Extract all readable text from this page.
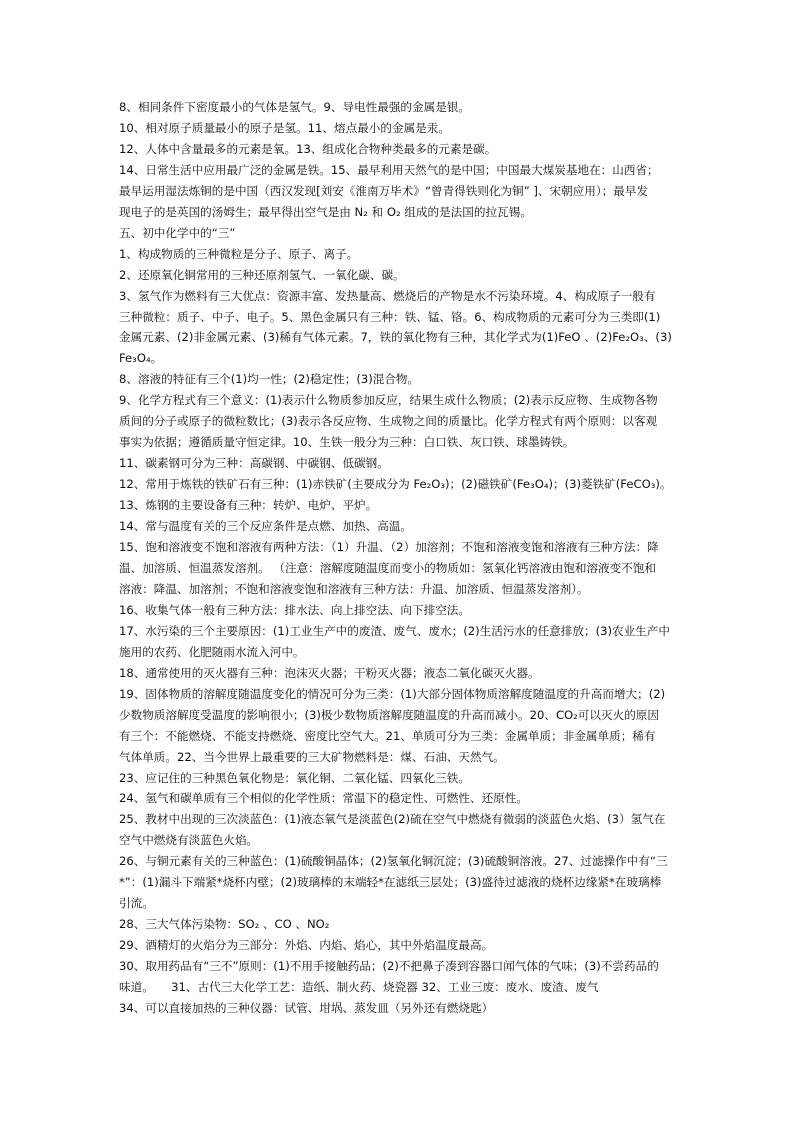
8、相同条件下密度最小的气体是氢气。9、导电性最强的金属是银。

10、相对原子质量最小的原子是氢。11、熔点最小的金属是汞。

12、人体中含量最多的元素是氧。13、组成化合物种类最多的元素是碳。

14、日常生活中应用最广泛的金属是铁。15、最早利用天然气的是中国；中国最大煤炭基地在：山西省；

最早运用湿法炼铜的是中国（西汉发现[刘安《淮南万毕术》“曾青得铁则化为铜” ]、宋朝应用）；最早发

现电子的是英国的汤姆生；最早得出空气是由 N₂ 和 O₂ 组成的是法国的拉瓦锡。

五、初中化学中的“三”

1、构成物质的三种微粒是分子、原子、离子。

2、还原氧化铜常用的三种还原剂氢气、一氧化碳、碳。

3、氢气作为燃料有三大优点：资源丰富、发热量高、燃烧后的产物是水不污染环境。4、构成原子一般有

三种微粒：质子、中子、电子。5、黑色金属只有三种：铁、锰、铬。6、构成物质的元素可分为三类即(1)

金属元素、(2)非金属元素、(3)稀有气体元素。7，铁的氧化物有三种，其化学式为(1)FeO 、(2)Fe₂O₃、(3)

Fe₃O₄。

8、溶液的特征有三个(1)均一性；(2)稳定性；(3)混合物。

9、化学方程式有三个意义：(1)表示什么物质参加反应，结果生成什么物质；(2)表示反应物、生成物各物

质间的分子或原子的微粒数比；(3)表示各反应物、生成物之间的质量比。化学方程式有两个原则：以客观

事实为依据；遵循质量守恒定律。10、生铁一般分为三种：白口铁、灰口铁、球墨铸铁。

11、碳素钢可分为三种：高碳钢、中碳钢、低碳钢。

12、常用于炼铁的铁矿石有三种：(1)赤铁矿(主要成分为 Fe₂O₃)；(2)磁铁矿(Fe₃O₄)；(3)菱铁矿(FeCO₃)。

13、炼钢的主要设备有三种：转炉、电炉、平炉。

14、常与温度有关的三个反应条件是点燃、加热、高温。

15、饱和溶液变不饱和溶液有两种方法：（1）升温、（2）加溶剂；不饱和溶液变饱和溶液有三种方法：降

温、加溶质、恒温蒸发溶剂。 （注意：溶解度随温度而变小的物质如：氢氧化钙溶液由饱和溶液变不饱和

溶液：降温、加溶剂；不饱和溶液变饱和溶液有三种方法：升温、加溶质、恒温蒸发溶剂）。

16、收集气体一般有三种方法：排水法、向上排空法、向下排空法。

17、水污染的三个主要原因：(1)工业生产中的废渣、废气、废水；(2)生活污水的任意排放；(3)农业生产中

施用的农药、化肥随雨水流入河中。

18、通常使用的灭火器有三种：泡沫灭火器；干粉灭火器；液态二氧化碳灭火器。

19、固体物质的溶解度随温度变化的情况可分为三类：(1)大部分固体物质溶解度随温度的升高而增大；(2)

少数物质溶解度受温度的影响很小；(3)极少数物质溶解度随温度的升高而减小。20、CO₂可以灭火的原因

有三个：不能燃烧、不能支持燃烧、密度比空气大。21、单质可分为三类：金属单质；非金属单质；稀有

气体单质。22、当今世界上最重要的三大矿物燃料是：煤、石油、天然气。

23、应记住的三种黑色氧化物是：氧化铜、二氧化锰、四氧化三铁。

24、氢气和碳单质有三个相似的化学性质：常温下的稳定性、可燃性、还原性。

25、教材中出现的三次淡蓝色：(1)液态氧气是淡蓝色(2)硫在空气中燃烧有微弱的淡蓝色火焰、(3）氢气在

空气中燃烧有淡蓝色火焰。

26、与铜元素有关的三种蓝色：(1)硫酸铜晶体；(2)氢氧化铜沉淀；(3)硫酸铜溶液。27、过滤操作中有“三

*”：(1)漏斗下端紧*烧杯内壁；(2)玻璃棒的末端轻*在滤纸三层处；(3)盛待过滤液的烧杯边缘紧*在玻璃棒

引流。

28、三大气体污染物：SO₂ 、CO 、NO₂

29、酒精灯的火焰分为三部分：外焰、内焰、焰心，其中外焰温度最高。

30、取用药品有“三不”原则：(1)不用手接触药品；(2)不把鼻子凑到容器口闻气体的气味；(3)不尝药品的

味道。　　31、古代三大化学工艺：造纸、制火药、烧瓷器 32、工业三废：废水、废渣、废气

34、可以直接加热的三种仪器：试管、坩埚、蒸发皿（另外还有燃烧匙）
